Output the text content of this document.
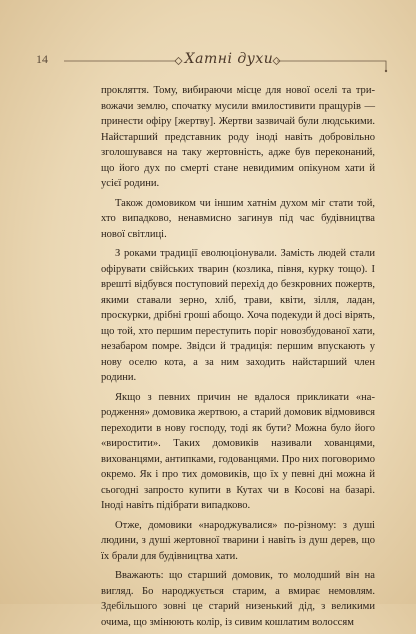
14	Хатні духи

прокляття. Тому, вибираючи місце для нової оселі та тривожачи землю, спочатку мусили вмилостивити пращурів — принести офіру [жертву]. Жертви зазвичай були людськими. Найстарший представник роду іноді навіть добровільно зголошувався на таку жертовність, адже був переконаний, що його дух по смерті стане невидимим опікуном хати й усієї родини.

Також домовиком чи іншим хатнім духом міг стати той, хто випадково, ненавмисно загинув під час будівництва нової світлиці.

З роками традиції еволюціонували. Замість людей стали офірувати свійських тварин (козлика, півня, курку тощо). І врешті відбувся поступовий перехід до безкровних пожертв, якими ставали зерно, хліб, трави, квіти, зілля, ладан, проскурки, дрібні гроші абощо. Хоча подекуди й досі вірять, що той, хто першим переступить поріг новозбудованої хати, незабаром помре. Звідси й традиція: першим впускають у нову оселю кота, а за ним заходить найстарший член родини.

Якщо з певних причин не вдалося прикликати «народження» домовика жертвою, а старий домовик відмовився переходити в нову господу, тоді як бути? Можна було його «виростити». Таких домовиків називали хованцями, вихованцями, антипками, годованцями. Про них поговоримо окремо. Як і про тих домовиків, що їх у певні дні можна й сьогодні запросто купити в Кутах чи в Косові на базарі. Іноді навіть підібрати випадково.

Отже, домовики «народжувалися» по-різному: з душі людини, з душі жертовної тварини і навіть із душ дерев, що їх брали для будівництва хати.

Вважають: що старший домовик, то молодший він на вигляд. Бо народжується старим, а вмирає немовлям. Здебільшого зовні це старий низенький дід, з великими очима, що змінюють колір, із сивим кошлатим волоссям
